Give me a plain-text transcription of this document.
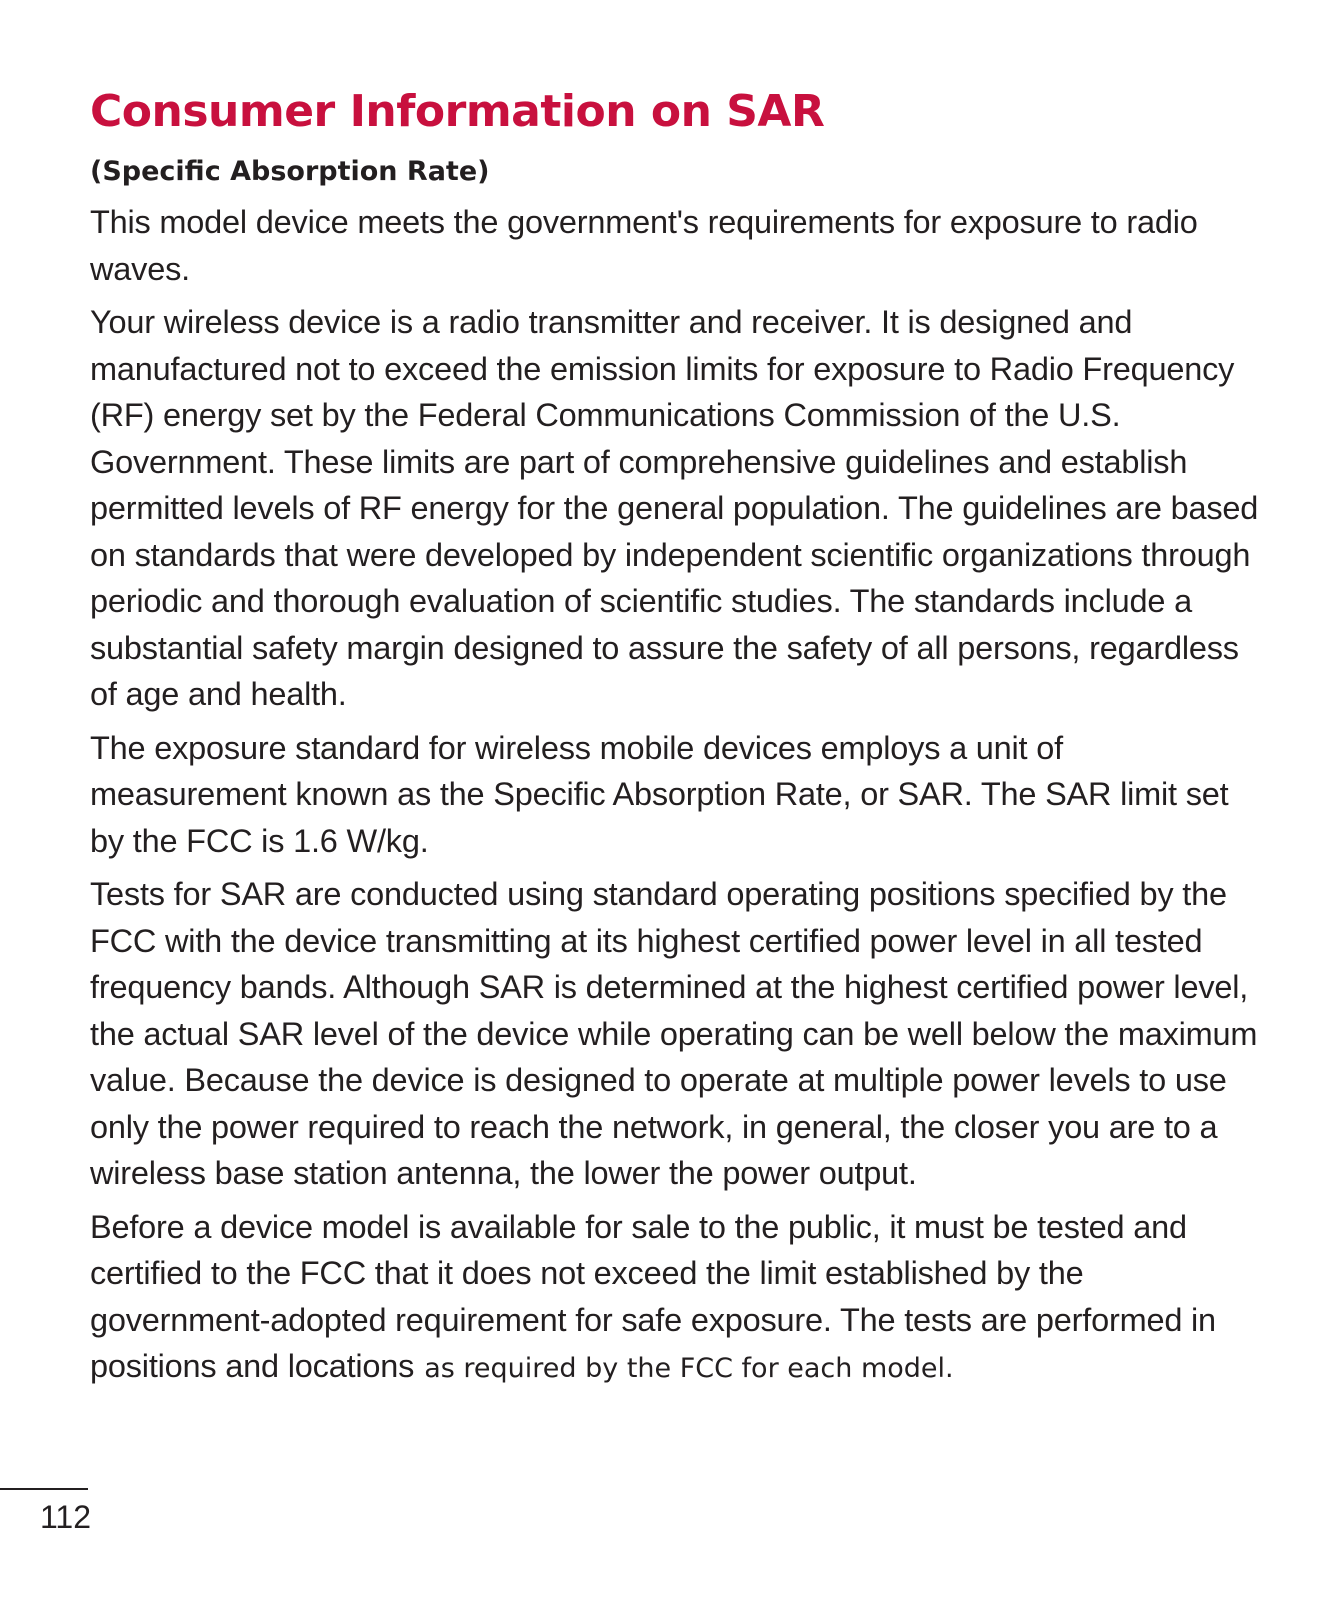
Consumer Information on SAR
(Specific Absorption Rate)

This model device meets the government's requirements for exposure to radio waves.

Your wireless device is a radio transmitter and receiver. It is designed and manufactured not to exceed the emission limits for exposure to Radio Frequency (RF) energy set by the Federal Communications Commission of the U.S. Government. These limits are part of comprehensive guidelines and establish permitted levels of RF energy for the general population. The guidelines are based on standards that were developed by independent scientific organizations through periodic and thorough evaluation of scientific studies. The standards include a substantial safety margin designed to assure the safety of all persons, regardless of age and health.

The exposure standard for wireless mobile devices employs a unit of measurement known as the Specific Absorption Rate, or SAR. The SAR limit set by the FCC is 1.6 W/kg.

Tests for SAR are conducted using standard operating positions specified by the FCC with the device transmitting at its highest certified power level in all tested frequency bands. Although SAR is determined at the highest certified power level, the actual SAR level of the device while operating can be well below the maximum value. Because the device is designed to operate at multiple power levels to use only the power required to reach the network, in general, the closer you are to a wireless base station antenna, the lower the power output.

Before a device model is available for sale to the public, it must be tested and certified to the FCC that it does not exceed the limit established by the government-adopted requirement for safe exposure. The tests are performed in positions and locations as required by the FCC for each model.

112
